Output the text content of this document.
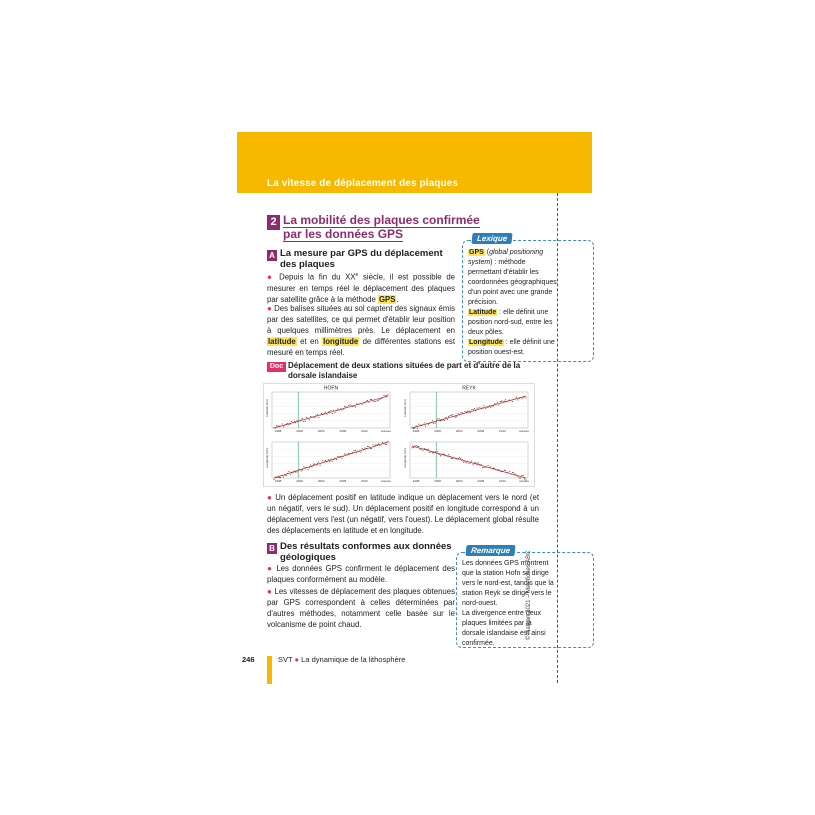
La vitesse de déplacement des plaques
2 La mobilité des plaques confirmée par les données GPS
A La mesure par GPS du déplacement des plaques
● Depuis la fin du XXe siècle, il est possible de mesurer en temps réel le déplacement des plaques par satellite grâce à la méthode GPS.
● Des balises situées au sol captent des signaux émis par des satellites, ce qui permet d'établir leur position à quelques millimètres près. Le déplacement en latitude et en longitude de différentes stations est mesuré en temps réel.
Doc Déplacement de deux stations situées de part et d'autre de la dorsale islandaise
HOFN
Latitude (cm)
1998	2000	2004	2008	2012	années
REYK
Latitude (cm)
1998	2000	2004	2008	2012	années
Longitude (cm)
1998	2000	2004	2008	2012	années
Longitude (cm)
1998	2000	2004	2008	2012	années
● Un déplacement positif en latitude indique un déplacement vers le nord (et un négatif, vers le sud). Un déplacement positif en longitude correspond à un déplacement vers l'est (un négatif, vers l'ouest). Le déplacement global résulte des déplacements en latitude et en longitude.
B Des résultats conformes aux données géologiques
● Les données GPS confirment le déplacement des plaques conformément au modèle.
● Les vitesses de déplacement des plaques obtenues par GPS correspondent à celles déterminées par d'autres méthodes, notamment celle basée sur le volcanisme de point chaud.
Lexique
GPS (global positioning system) : méthode permettant d'établir les coordonnées géographiques d'un point avec une grande précision.
Latitude : elle définit une position nord-sud, entre les deux pôles.
Longitude : elle définit une position ouest-est.
Remarque
Les données GPS montrent que la station Hofn se dirige vers le nord-est, tandis que la station Reyk se dirige vers le nord-ouest.
La divergence entre deux plaques limitées par la dorsale islandaise est ainsi confirmée.
© Nathan 2021 – Mes fiches ABC
246	SVT ● La dynamique de la lithosphère
